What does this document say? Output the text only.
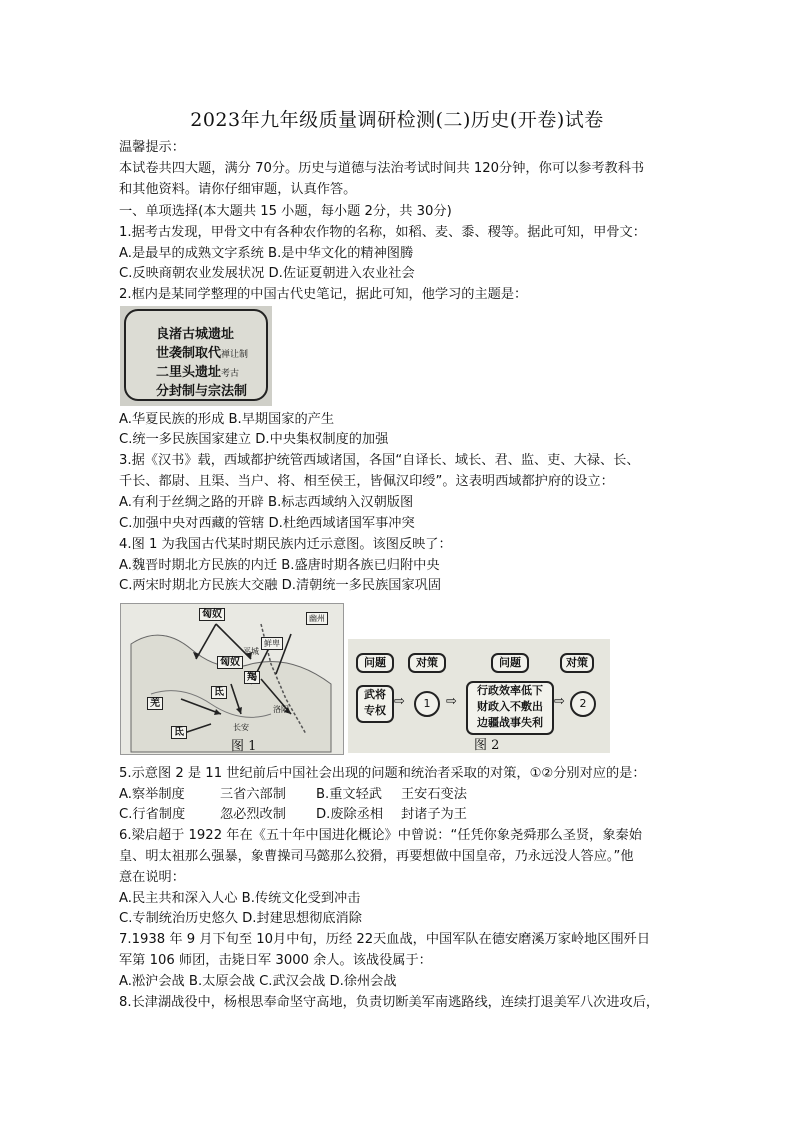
2023年九年级质量调研检测(二)历史(开卷)试卷
温馨提示：
本试卷共四大题，满分 70分。历史与道德与法治考试时间共 120分钟，你可以参考教科书
和其他资料。请你仔细审题，认真作答。
一、单项选择(本大题共 15 小题，每小题 2分，共 30分)
1.据考古发现，甲骨文中有各种农作物的名称，如稻、麦、黍、稷等。据此可知，甲骨文：
A.是最早的成熟文字系统 B.是中华文化的精神图腾
C.反映商朝农业发展状况 D.佐证夏朝进入农业社会
2.框内是某同学整理的中国古代史笔记，据此可知，他学习的主题是：
良渚古城遗址
世袭制取代禅让制
二里头遗址考古
分封制与宗法制
A.华夏民族的形成 B.早期国家的产生
C.统一多民族国家建立 D.中央集权制度的加强
3.据《汉书》载，西域都护统管西域诸国，各国“自译长、域长、君、监、吏、大禄、长、
千长、都尉、且渠、当户、将、相至侯王，皆佩汉印绶”。这表明西域都护府的设立：
A.有利于丝绸之路的开辟 B.标志西域纳入汉朝版图
C.加强中央对西藏的管辖 D.杜绝西域诸国军事冲突
4.图 1 为我国古代某时期民族内迁示意图。该图反映了：
A.魏晋时期北方民族的内迁 B.盛唐时期各族已归附中央
C.两宋时期北方民族大交融 D.清朝统一多民族国家巩固
匈奴
鲜卑
匈奴
羌
氐
羯
氐
洛阳
长安
平城
幽州
图 1
问题	对策	问题	对策
武将
专权
⇨	1	⇨
行政效率低下
财政入不敷出
边疆战事失利
⇨	2
图 2
5.示意图 2 是 11 世纪前后中国社会出现的问题和统治者采取的对策，①②分别对应的是：
A.察举制度	三省六部制 B.重文轻武 王安石变法
C.行省制度	忽必烈改制 D.废除丞相 封诸子为王
6.梁启超于 1922 年在《五十年中国进化概论》中曾说：“任凭你象尧舜那么圣贤，象秦始
皇、明太祖那么强暴，象曹操司马懿那么狡猾，再要想做中国皇帝，乃永远没人答应。”他
意在说明：
A.民主共和深入人心 B.传统文化受到冲击
C.专制统治历史悠久 D.封建思想彻底消除
7.1938 年 9 月下旬至 10月中旬，历经 22天血战，中国军队在德安磨溪万家岭地区围歼日
军第 106 师团，击毙日军 3000 余人。该战役属于：
A.淞沪会战 B.太原会战 C.武汉会战 D.徐州会战
8.长津湖战役中，杨根思奉命坚守高地，负责切断美军南逃路线，连续打退美军八次进攻后，
